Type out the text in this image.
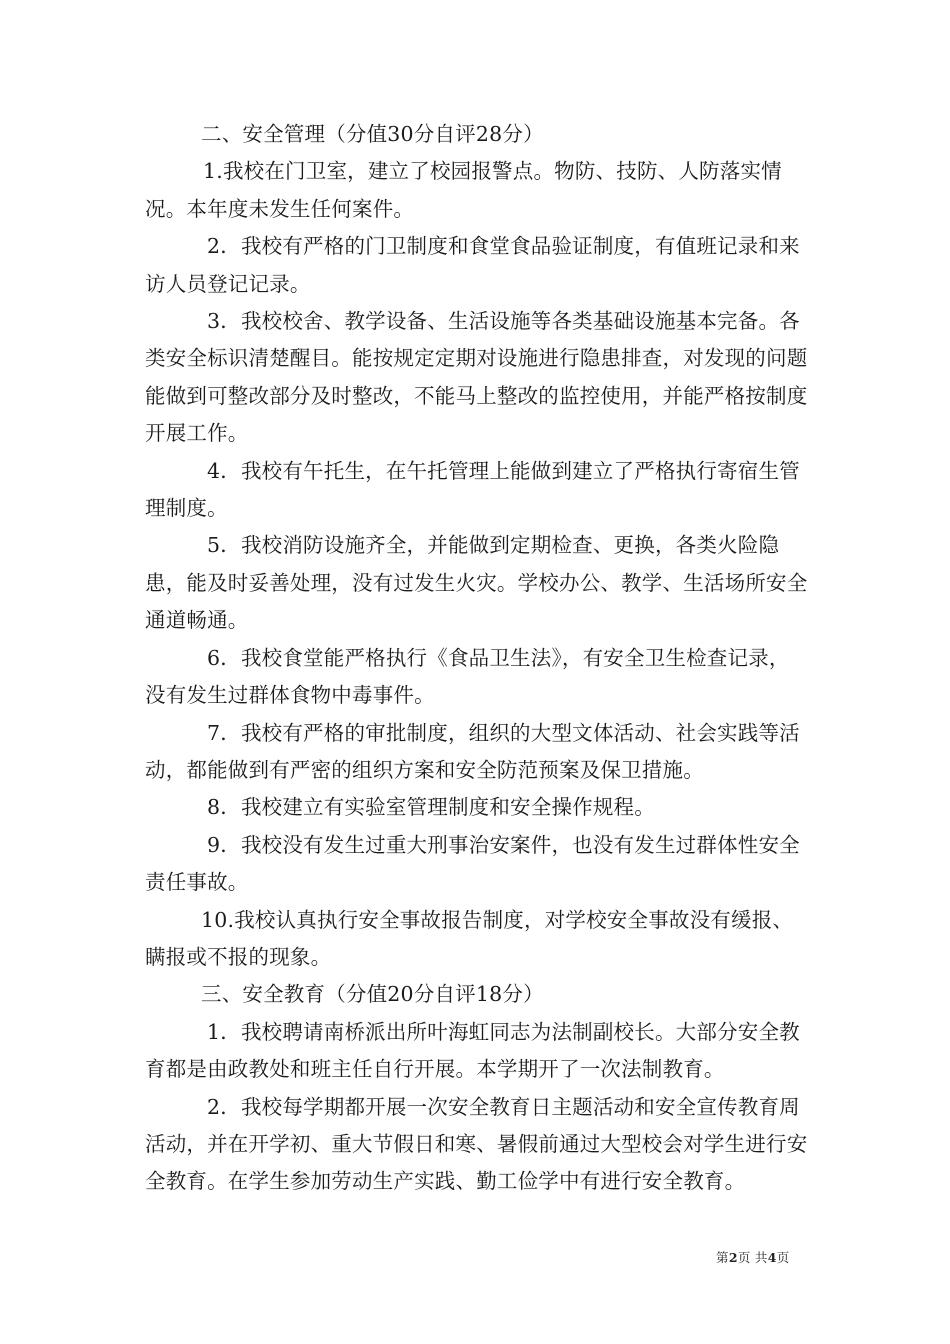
二、安全管理（分值30分自评28分）

1.我校在门卫室，建立了校园报警点。物防、技防、人防落实情况。本年度未发生任何案件。

2．我校有严格的门卫制度和食堂食品验证制度，有值班记录和来访人员登记记录。

3．我校校舍、教学设备、生活设施等各类基础设施基本完备。各类安全标识清楚醒目。能按规定定期对设施进行隐患排查，对发现的问题能做到可整改部分及时整改，不能马上整改的监控使用，并能严格按制度开展工作。

4．我校有午托生，在午托管理上能做到建立了严格执行寄宿生管理制度。

5．我校消防设施齐全，并能做到定期检查、更换，各类火险隐患，能及时妥善处理，没有过发生火灾。学校办公、教学、生活场所安全通道畅通。

6．我校食堂能严格执行《食品卫生法》，有安全卫生检查记录，没有发生过群体食物中毒事件。

7．我校有严格的审批制度，组织的大型文体活动、社会实践等活动，都能做到有严密的组织方案和安全防范预案及保卫措施。

8．我校建立有实验室管理制度和安全操作规程。

9．我校没有发生过重大刑事治安案件，也没有发生过群体性安全责任事故。

10.我校认真执行安全事故报告制度，对学校安全事故没有缓报、瞒报或不报的现象。

三、安全教育（分值20分自评18分）

1．我校聘请南桥派出所叶海虹同志为法制副校长。大部分安全教育都是由政教处和班主任自行开展。本学期开了一次法制教育。

2．我校每学期都开展一次安全教育日主题活动和安全宣传教育周活动，并在开学初、重大节假日和寒、暑假前通过大型校会对学生进行安全教育。在学生参加劳动生产实践、勤工俭学中有进行安全教育。

第2页 共4页
